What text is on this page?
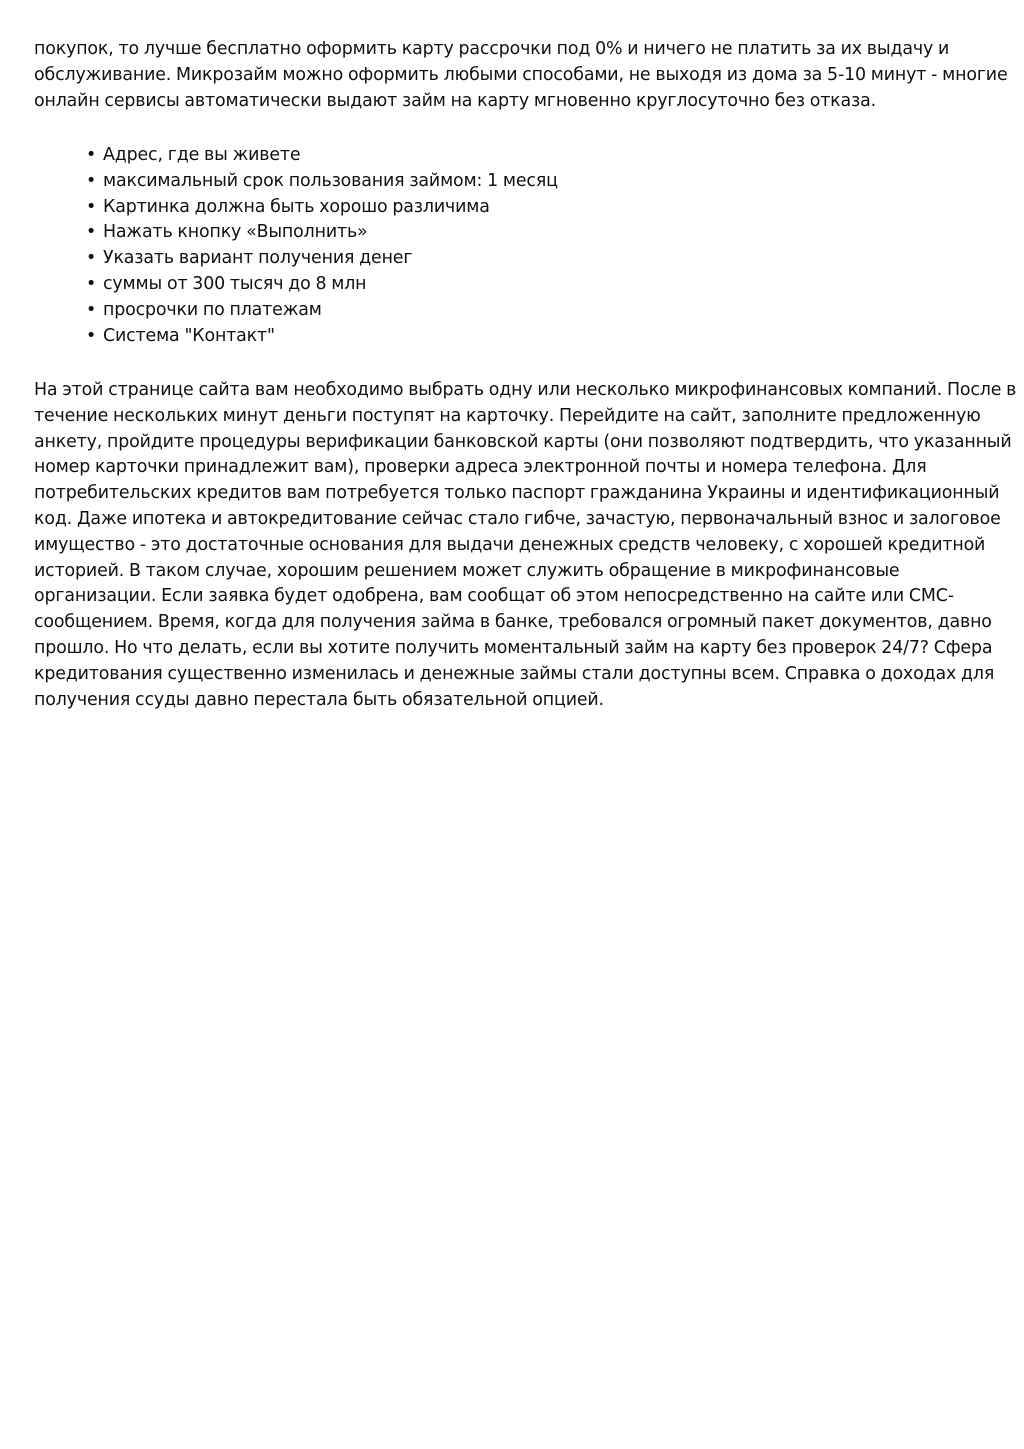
покупок, то лучше бесплатно оформить карту рассрочки под 0% и ничего не платить за их выдачу и
обслуживание. Микрозайм можно оформить любыми способами, не выходя из дома за 5-10 минут - многие
онлайн сервисы автоматически выдают займ на карту мгновенно круглосуточно без отказа.

• Адрес, где вы живете
• максимальный срок пользования займом: 1 месяц
• Картинка должна быть хорошо различима
• Нажать кнопку «Выполнить»
• Указать вариант получения денег
• суммы от 300 тысяч до 8 млн
• просрочки по платежам
• Система "Контакт"

На этой странице сайта вам необходимо выбрать одну или несколько микрофинансовых компаний. После в
течение нескольких минут деньги поступят на карточку. Перейдите на сайт, заполните предложенную
анкету, пройдите процедуры верификации банковской карты (они позволяют подтвердить, что указанный
номер карточки принадлежит вам), проверки адреса электронной почты и номера телефона. Для
потребительских кредитов вам потребуется только паспорт гражданина Украины и идентификационный
код. Даже ипотека и автокредитование сейчас стало гибче, зачастую, первоначальный взнос и залоговое
имущество - это достаточные основания для выдачи денежных средств человеку, с хорошей кредитной
историей. В таком случае, хорошим решением может служить обращение в микрофинансовые
организации. Если заявка будет одобрена, вам сообщат об этом непосредственно на сайте или СМС-
сообщением. Время, когда для получения займа в банке, требовался огромный пакет документов, давно
прошло. Но что делать, если вы хотите получить моментальный займ на карту без проверок 24/7? Сфера
кредитования существенно изменилась и денежные займы стали доступны всем. Справка о доходах для
получения ссуды давно перестала быть обязательной опцией.
